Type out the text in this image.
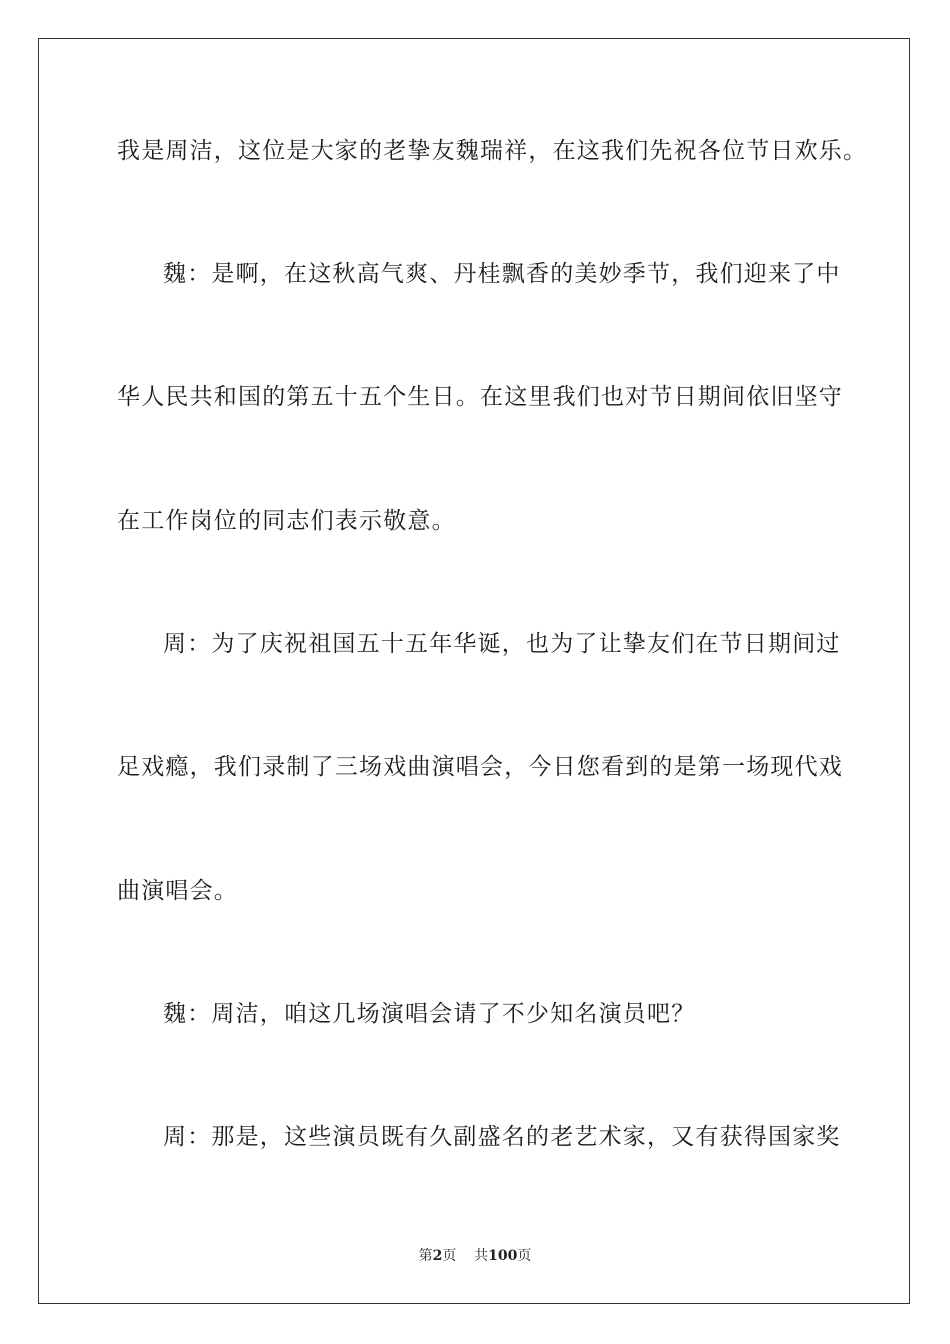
我是周洁，这位是大家的老挚友魏瑞祥，在这我们先祝各位节日欢乐。
魏：是啊，在这秋高气爽、丹桂飘香的美妙季节，我们迎来了中
华人民共和国的第五十五个生日。在这里我们也对节日期间依旧坚守
在工作岗位的同志们表示敬意。
周：为了庆祝祖国五十五年华诞，也为了让挚友们在节日期间过
足戏瘾，我们录制了三场戏曲演唱会，今日您看到的是第一场现代戏
曲演唱会。
魏：周洁，咱这几场演唱会请了不少知名演员吧？
周：那是，这些演员既有久副盛名的老艺术家，又有获得国家奖
第2页 共100页
